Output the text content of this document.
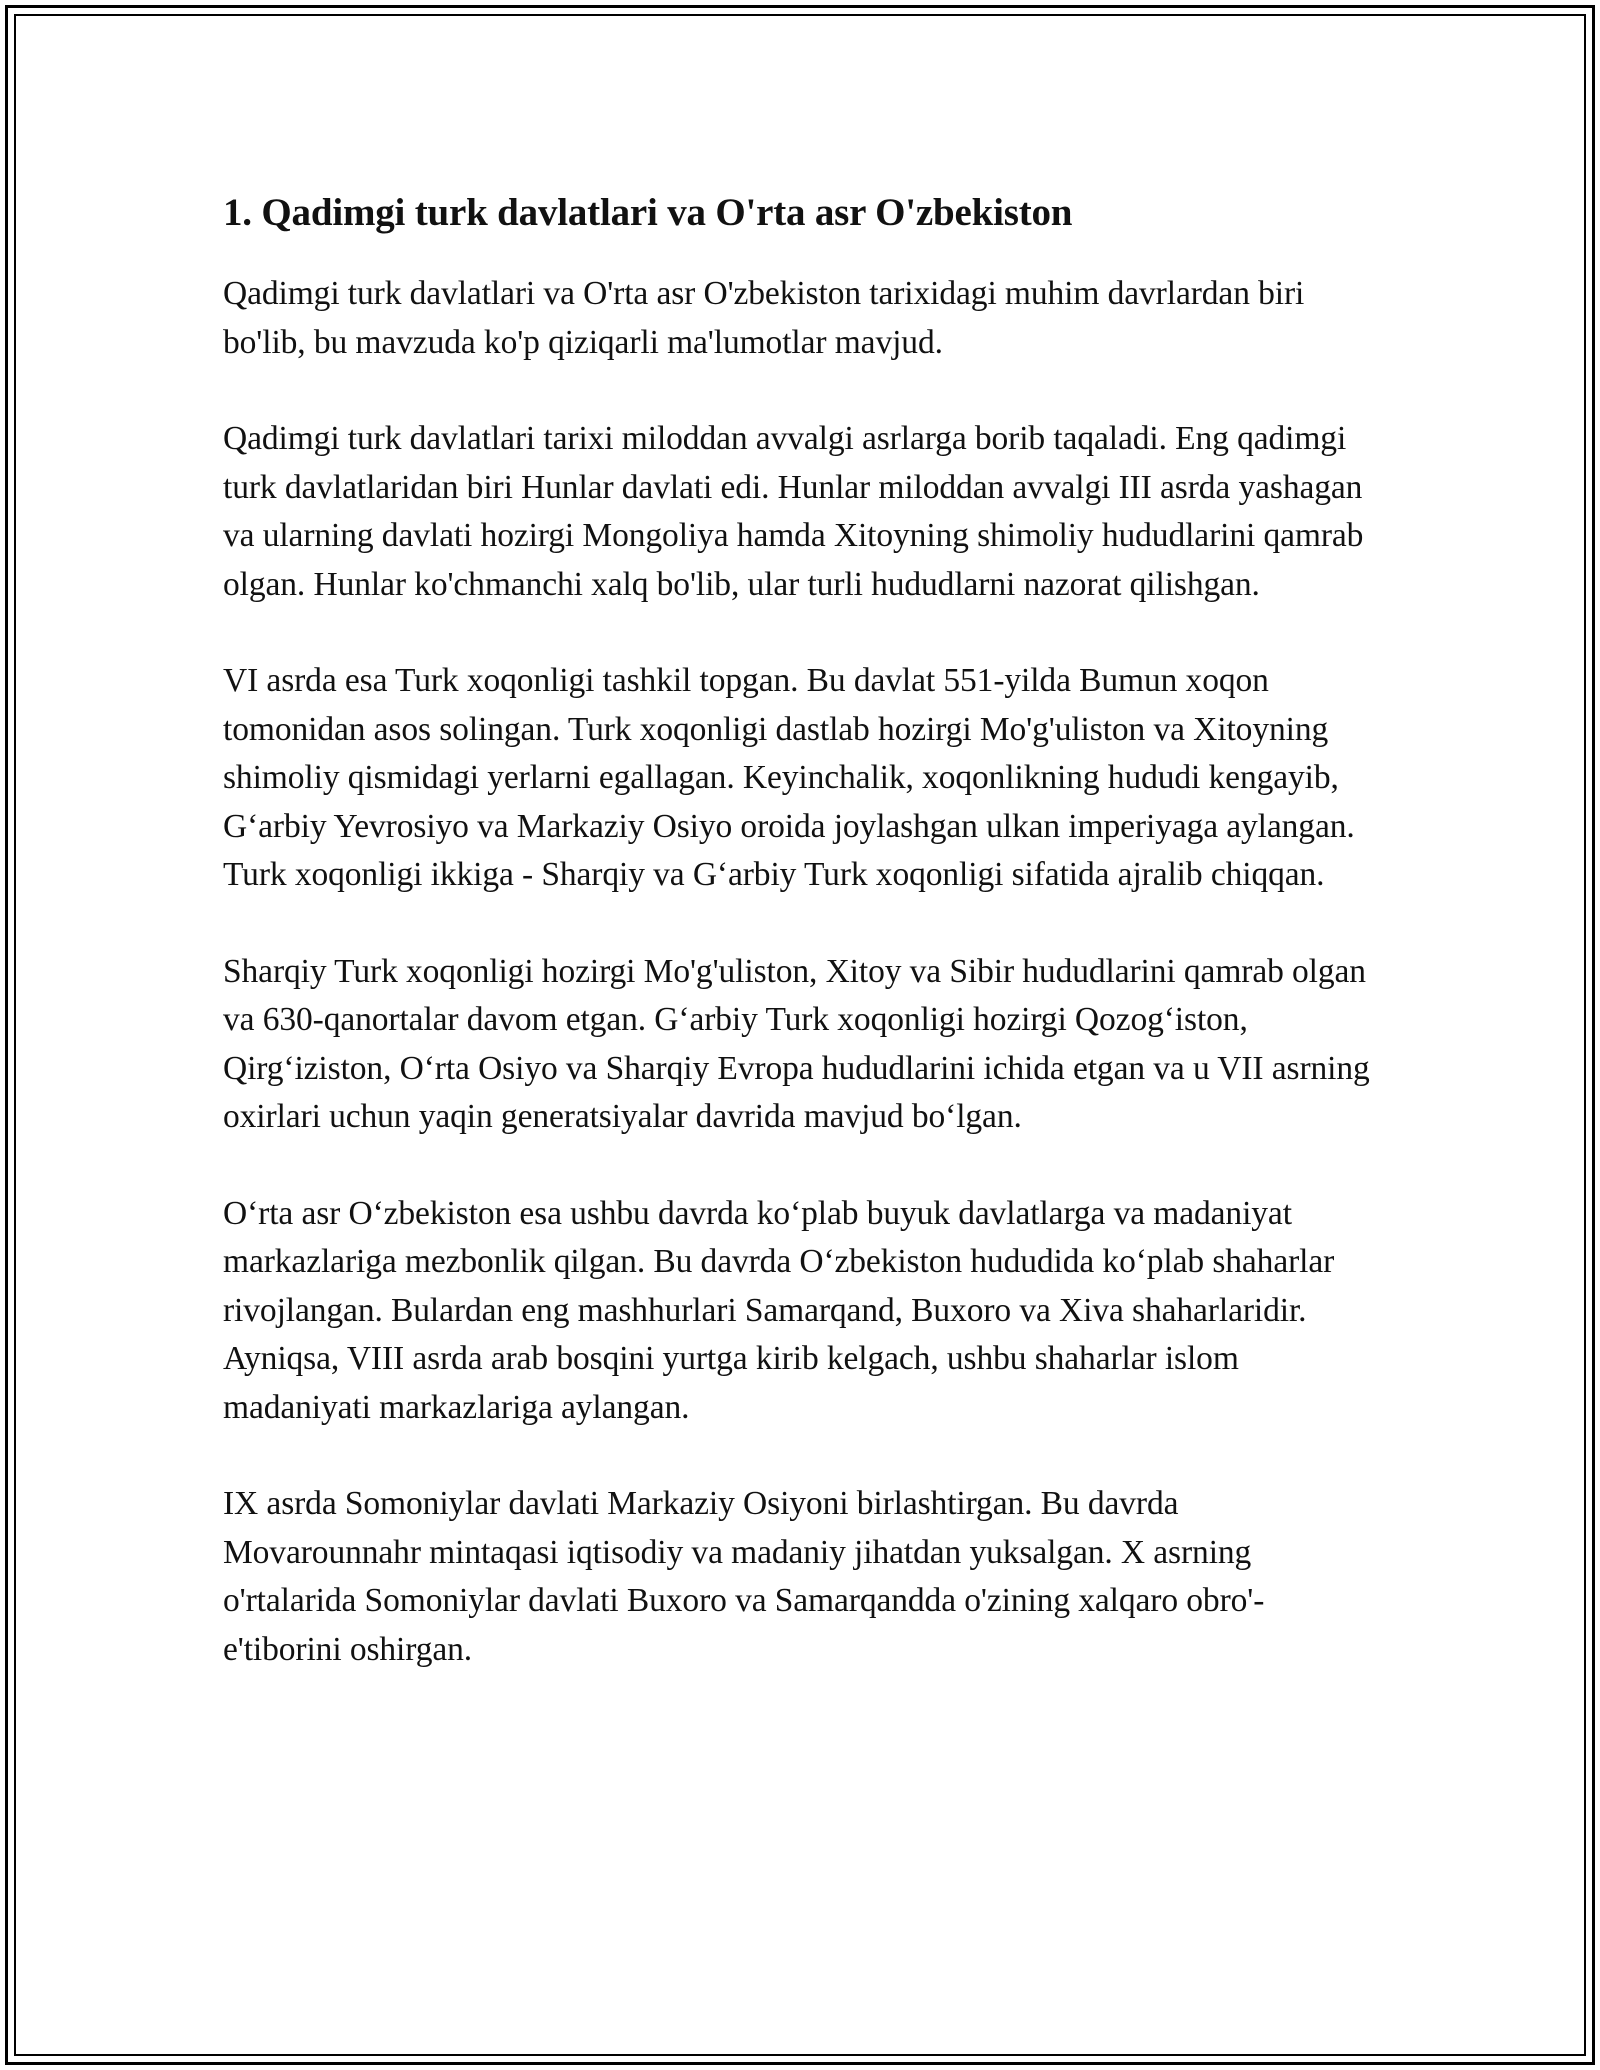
1. Qadimgi turk davlatlari va O'rta asr O'zbekiston

Qadimgi turk davlatlari va O'rta asr O'zbekiston tarixidagi muhim davrlardan biri bo'lib, bu mavzuda ko'p qiziqarli ma'lumotlar mavjud.

Qadimgi turk davlatlari tarixi miloddan avvalgi asrlarga borib taqaladi. Eng qadimgi turk davlatlaridan biri Hunlar davlati edi. Hunlar miloddan avvalgi III asrda yashagan va ularning davlati hozirgi Mongoliya hamda Xitoyning shimoliy hududlarini qamrab olgan. Hunlar ko'chmanchi xalq bo'lib, ular turli hududlarni nazorat qilishgan.

VI asrda esa Turk xoqonligi tashkil topgan. Bu davlat 551-yilda Bumun xoqon tomonidan asos solingan. Turk xoqonligi dastlab hozirgi Mo'g'uliston va Xitoyning shimoliy qismidagi yerlarni egallagan. Keyinchalik, xoqonlikning hududi kengayib, G‘arbiy Yevrosiyo va Markaziy Osiyo oroida joylashgan ulkan imperiyaga aylangan. Turk xoqonligi ikkiga - Sharqiy va G‘arbiy Turk xoqonligi sifatida ajralib chiqqan.

Sharqiy Turk xoqonligi hozirgi Mo'g'uliston, Xitoy va Sibir hududlarini qamrab olgan va 630-qanortalar davom etgan. G‘arbiy Turk xoqonligi hozirgi Qozog‘iston, Qirg‘iziston, O‘rta Osiyo va Sharqiy Evropa hududlarini ichida etgan va u VII asrning oxirlari uchun yaqin generatsiyalar davrida mavjud bo‘lgan.

O‘rta asr O‘zbekiston esa ushbu davrda ko‘plab buyuk davlatlarga va madaniyat markazlariga mezbonlik qilgan. Bu davrda O‘zbekiston hududida ko‘plab shaharlar rivojlangan. Bulardan eng mashhurlari Samarqand, Buxoro va Xiva shaharlaridir. Ayniqsa, VIII asrda arab bosqini yurtga kirib kelgach, ushbu shaharlar islom madaniyati markazlariga aylangan.

IX asrda Somoniylar davlati Markaziy Osiyoni birlashtirgan. Bu davrda Movarounnahr mintaqasi iqtisodiy va madaniy jihatdan yuksalgan. X asrning o'rtalarida Somoniylar davlati Buxoro va Samarqandda o'zining xalqaro obro'-e'tiborini oshirgan.
